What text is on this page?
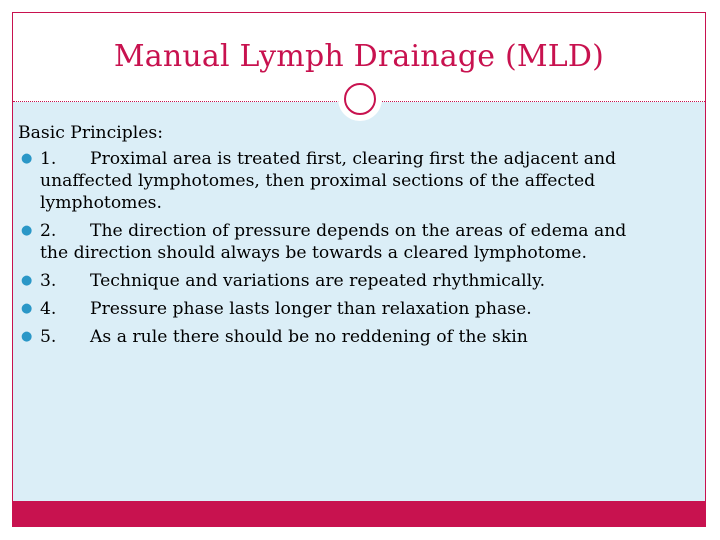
Manual Lymph Drainage (MLD)
Basic Principles:
● 1. Proximal area is treated first, clearing first the adjacent and unaffected lymphotomes, then proximal sections of the affected lymphotomes.
● 2. The direction of pressure depends on the areas of edema and the direction should always be towards a cleared lymphotome.
● 3. Technique and variations are repeated rhythmically.
● 4. Pressure phase lasts longer than relaxation phase.
● 5. As a rule there should be no reddening of the skin
